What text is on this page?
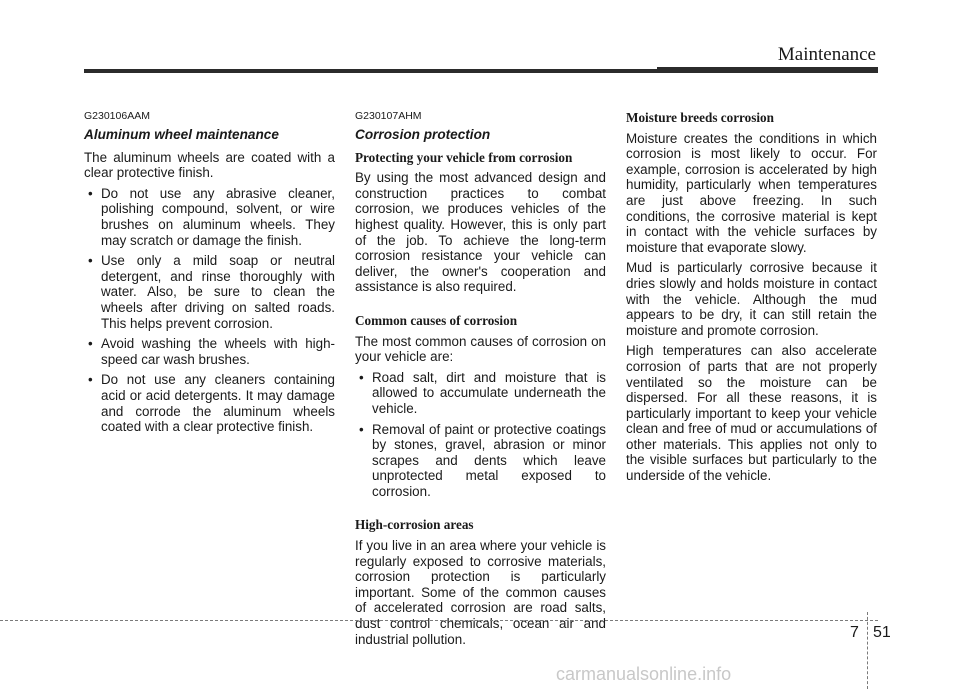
Maintenance
G230106AAM
Aluminum wheel maintenance

The aluminum wheels are coated with a clear protective finish.

• Do not use any abrasive cleaner, polishing compound, solvent, or wire brushes on aluminum wheels. They may scratch or damage the finish.
• Use only a mild soap or neutral detergent, and rinse thoroughly with water. Also, be sure to clean the wheels after driving on salted roads. This helps prevent corrosion.
• Avoid washing the wheels with high-speed car wash brushes.
• Do not use any cleaners containing acid or acid detergents. It may damage and corrode the aluminum wheels coated with a clear protective finish.
G230107AHM
Corrosion protection
Protecting your vehicle from corrosion

By using the most advanced design and construction practices to combat corrosion, we produces vehicles of the highest quality. However, this is only part of the job. To achieve the long-term corrosion resistance your vehicle can deliver, the owner's cooperation and assistance is also required.

Common causes of corrosion

The most common causes of corrosion on your vehicle are:

• Road salt, dirt and moisture that is allowed to accumulate underneath the vehicle.
• Removal of paint or protective coatings by stones, gravel, abrasion or minor scrapes and dents which leave unprotected metal exposed to corrosion.
High-corrosion areas

If you live in an area where your vehicle is regularly exposed to corrosive materials, corrosion protection is particularly important. Some of the common causes of accelerated corrosion are road salts, dust control chemicals, ocean air and industrial pollution.

Moisture breeds corrosion

Moisture creates the conditions in which corrosion is most likely to occur. For example, corrosion is accelerated by high humidity, particularly when temperatures are just above freezing. In such conditions, the corrosive material is kept in contact with the vehicle surfaces by moisture that evaporate slowy.

Mud is particularly corrosive because it dries slowly and holds moisture in contact with the vehicle. Although the mud appears to be dry, it can still retain the moisture and promote corrosion.

High temperatures can also accelerate corrosion of parts that are not properly ventilated so the moisture can be dispersed. For all these reasons, it is particularly important to keep your vehicle clean and free of mud or accumulations of other materials. This applies not only to the visible surfaces but particularly to the underside of the vehicle.

7 51
carmanualsonline.info
